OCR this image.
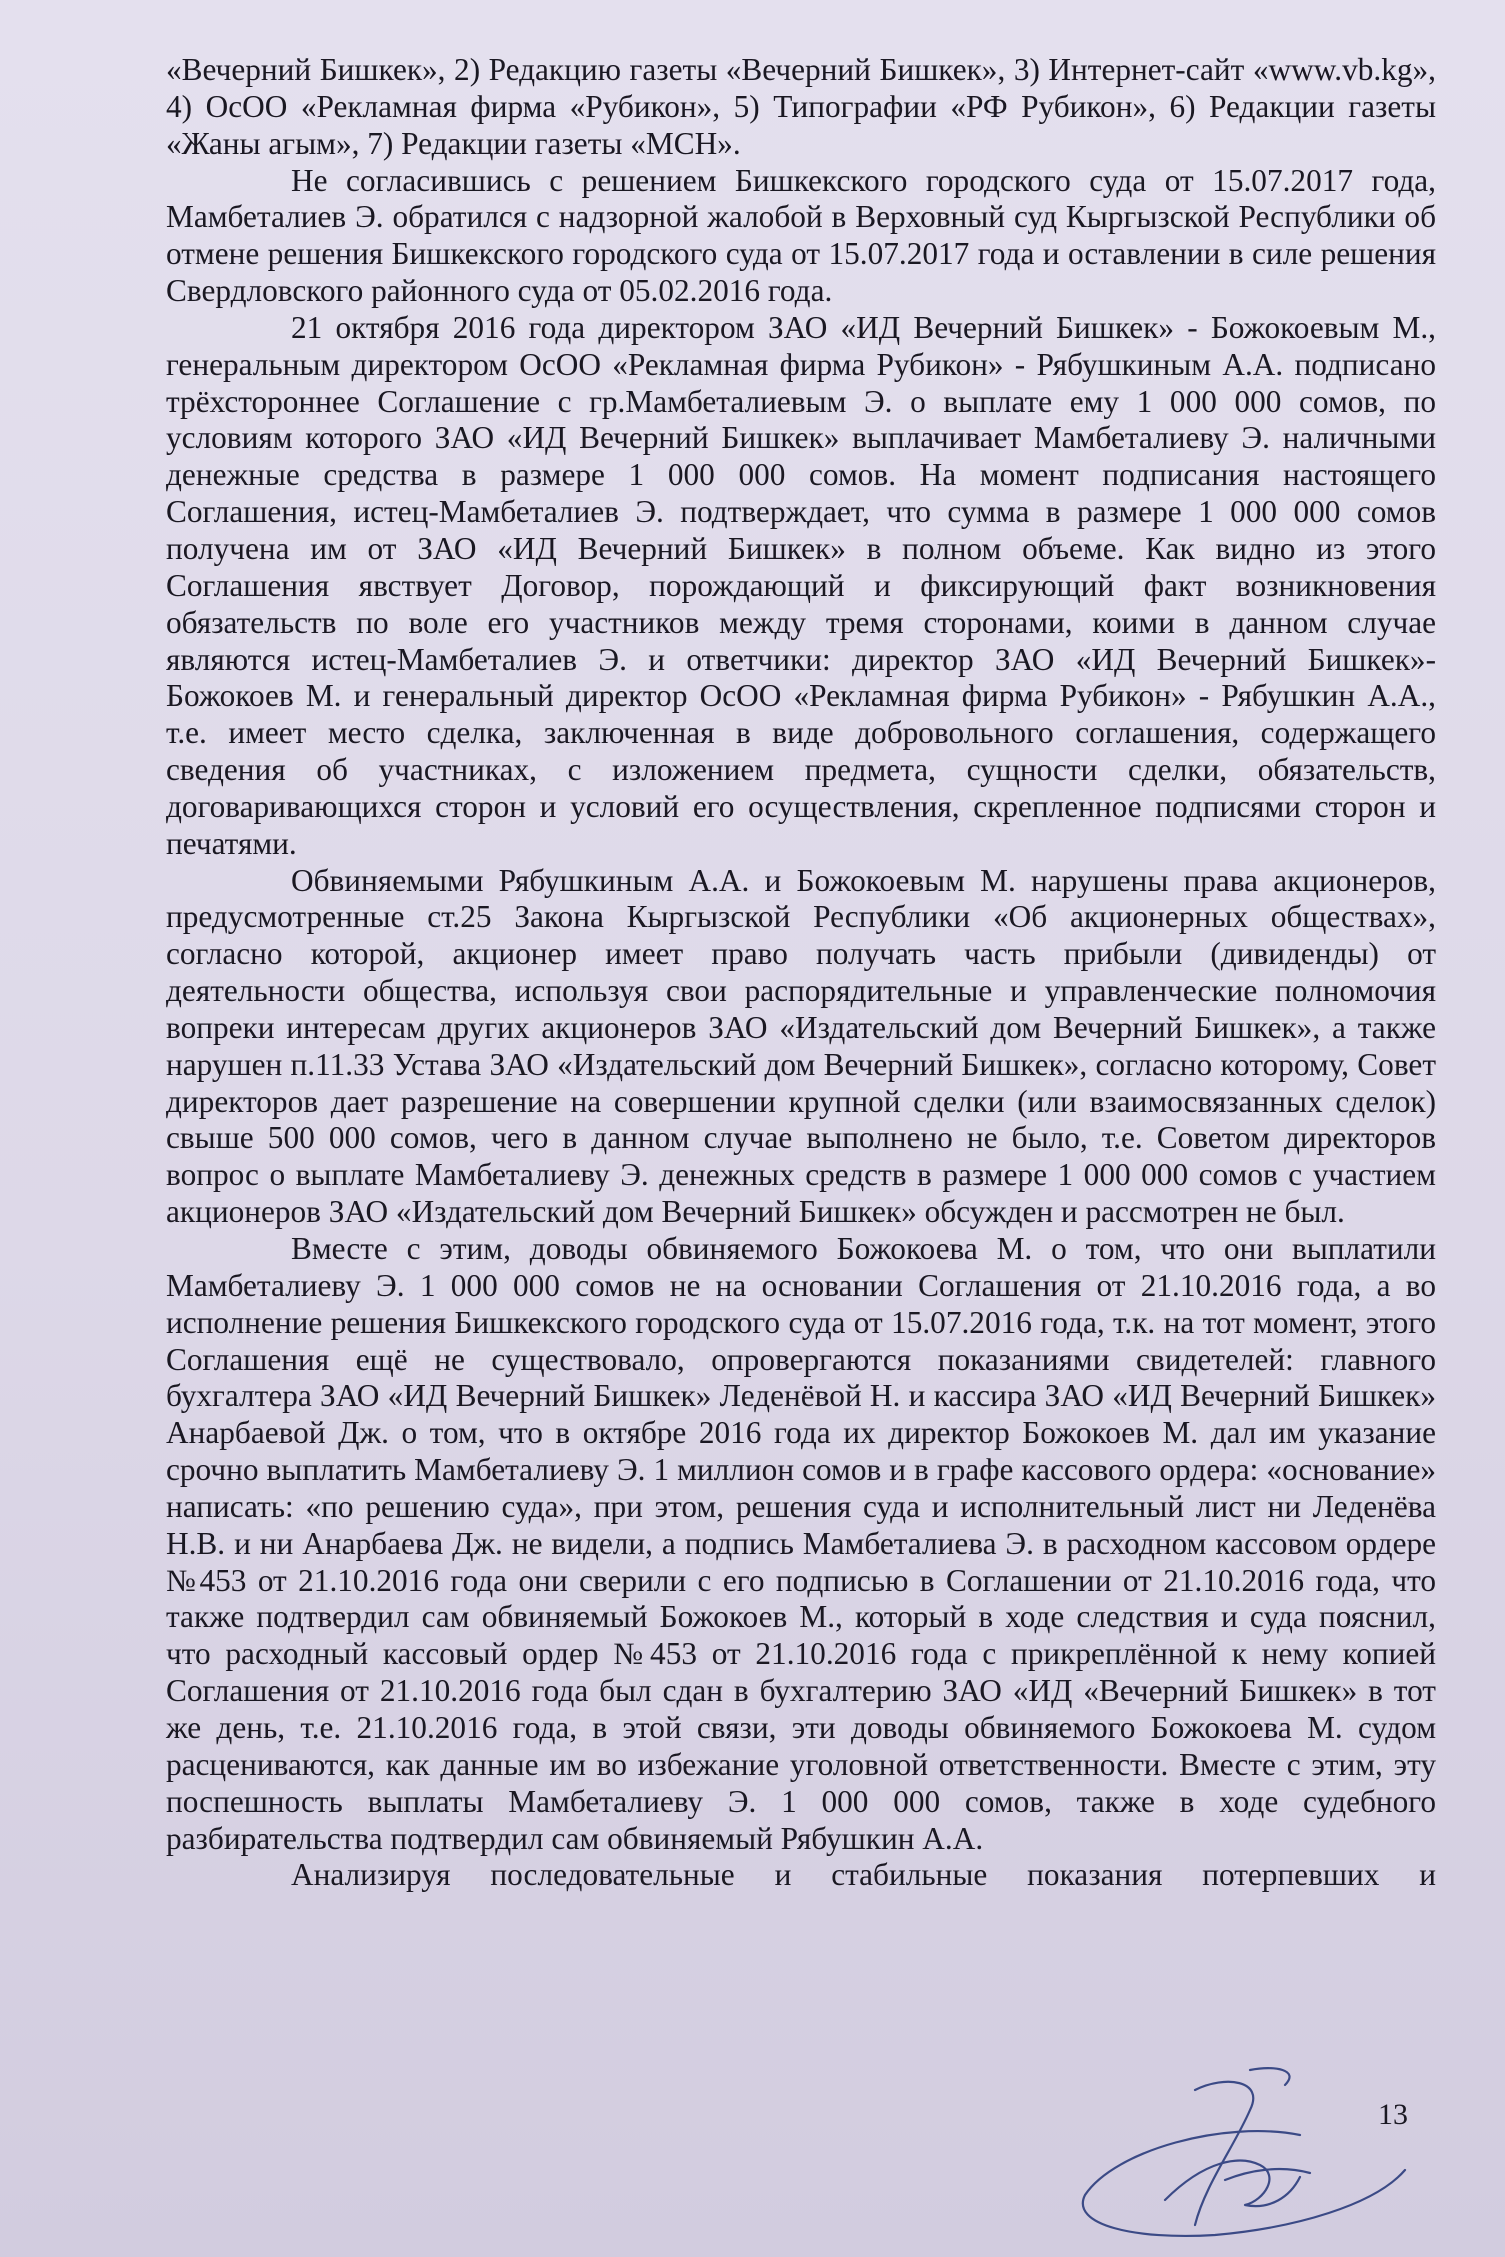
«Вечерний Бишкек», 2) Редакцию газеты «Вечерний Бишкек», 3) Интернет-сайт «www.vb.kg», 4) ОсОО «Рекламная фирма «Рубикон», 5) Типографии «РФ Рубикон», 6) Редакции газеты «Жаны агым», 7) Редакции газеты «МСН».

Не согласившись с решением Бишкекского городского суда от 15.07.2017 года, Мамбеталиев Э. обратился с надзорной жалобой в Верховный суд Кыргызской Республики об отмене решения Бишкекского городского суда от 15.07.2017 года и оставлении в силе решения Свердловского районного суда от 05.02.2016 года.

21 октября 2016 года директором ЗАО «ИД Вечерний Бишкек» - Божокоевым М., генеральным директором ОсОО «Рекламная фирма Рубикон» - Рябушкиным А.А. подписано трёхстороннее Соглашение с гр.Мамбеталиевым Э. о выплате ему 1 000 000 сомов, по условиям которого ЗАО «ИД Вечерний Бишкек» выплачивает Мамбеталиеву Э. наличными денежные средства в размере 1 000 000 сомов. На момент подписания настоящего Соглашения, истец-Мамбеталиев Э. подтверждает, что сумма в размере 1 000 000 сомов получена им от ЗАО «ИД Вечерний Бишкек» в полном объеме. Как видно из этого Соглашения явствует Договор, порождающий и фиксирующий факт возникновения обязательств по воле его участников между тремя сторонами, коими в данном случае являются истец-Мамбеталиев Э. и ответчики: директор ЗАО «ИД Вечерний Бишкек»- Божокоев М. и генеральный директор ОсОО «Рекламная фирма Рубикон» - Рябушкин А.А., т.е. имеет место сделка, заключенная в виде добровольного соглашения, содержащего сведения об участниках, с изложением предмета, сущности сделки, обязательств, договаривающихся сторон и условий его осуществления, скрепленное подписями сторон и печатями.

Обвиняемыми Рябушкиным А.А. и Божокоевым М. нарушены права акционеров, предусмотренные ст.25 Закона Кыргызской Республики «Об акционерных обществах», согласно которой, акционер имеет право получать часть прибыли (дивиденды) от деятельности общества, используя свои распорядительные и управленческие полномочия вопреки интересам других акционеров ЗАО «Издательский дом Вечерний Бишкек», а также нарушен п.11.33 Устава ЗАО «Издательский дом Вечерний Бишкек», согласно которому, Совет директоров дает разрешение на совершении крупной сделки (или взаимосвязанных сделок) свыше 500 000 сомов, чего в данном случае выполнено не было, т.е. Советом директоров вопрос о выплате Мамбеталиеву Э. денежных средств в размере 1 000 000 сомов с участием акционеров ЗАО «Издательский дом Вечерний Бишкек» обсужден и рассмотрен не был.

Вместе с этим, доводы обвиняемого Божокоева М. о том, что они выплатили Мамбеталиеву Э. 1 000 000 сомов не на основании Соглашения от 21.10.2016 года, а во исполнение решения Бишкекского городского суда от 15.07.2016 года, т.к. на тот момент, этого Соглашения ещё не существовало, опровергаются показаниями свидетелей: главного бухгалтера ЗАО «ИД Вечерний Бишкек» Леденёвой Н. и кассира ЗАО «ИД Вечерний Бишкек» Анарбаевой Дж. о том, что в октябре 2016 года их директор Божокоев М. дал им указание срочно выплатить Мамбеталиеву Э. 1 миллион сомов и в графе кассового ордера: «основание» написать: «по решению суда», при этом, решения суда и исполнительный лист ни Леденёва Н.В. и ни Анарбаева Дж. не видели, а подпись Мамбеталиева Э. в расходном кассовом ордере №453 от 21.10.2016 года они сверили с его подписью в Соглашении от 21.10.2016 года, что также подтвердил сам обвиняемый Божокоев М., который в ходе следствия и суда пояснил, что расходный кассовый ордер №453 от 21.10.2016 года с прикреплённой к нему копией Соглашения от 21.10.2016 года был сдан в бухгалтерию ЗАО «ИД «Вечерний Бишкек» в тот же день, т.е. 21.10.2016 года, в этой связи, эти доводы обвиняемого Божокоева М. судом расцениваются, как данные им во избежание уголовной ответственности. Вместе с этим, эту поспешность выплаты Мамбеталиеву Э. 1 000 000 сомов, также в ходе судебного разбирательства подтвердил сам обвиняемый Рябушкин А.А.

Анализируя последовательные и стабильные показания потерпевших и

13
